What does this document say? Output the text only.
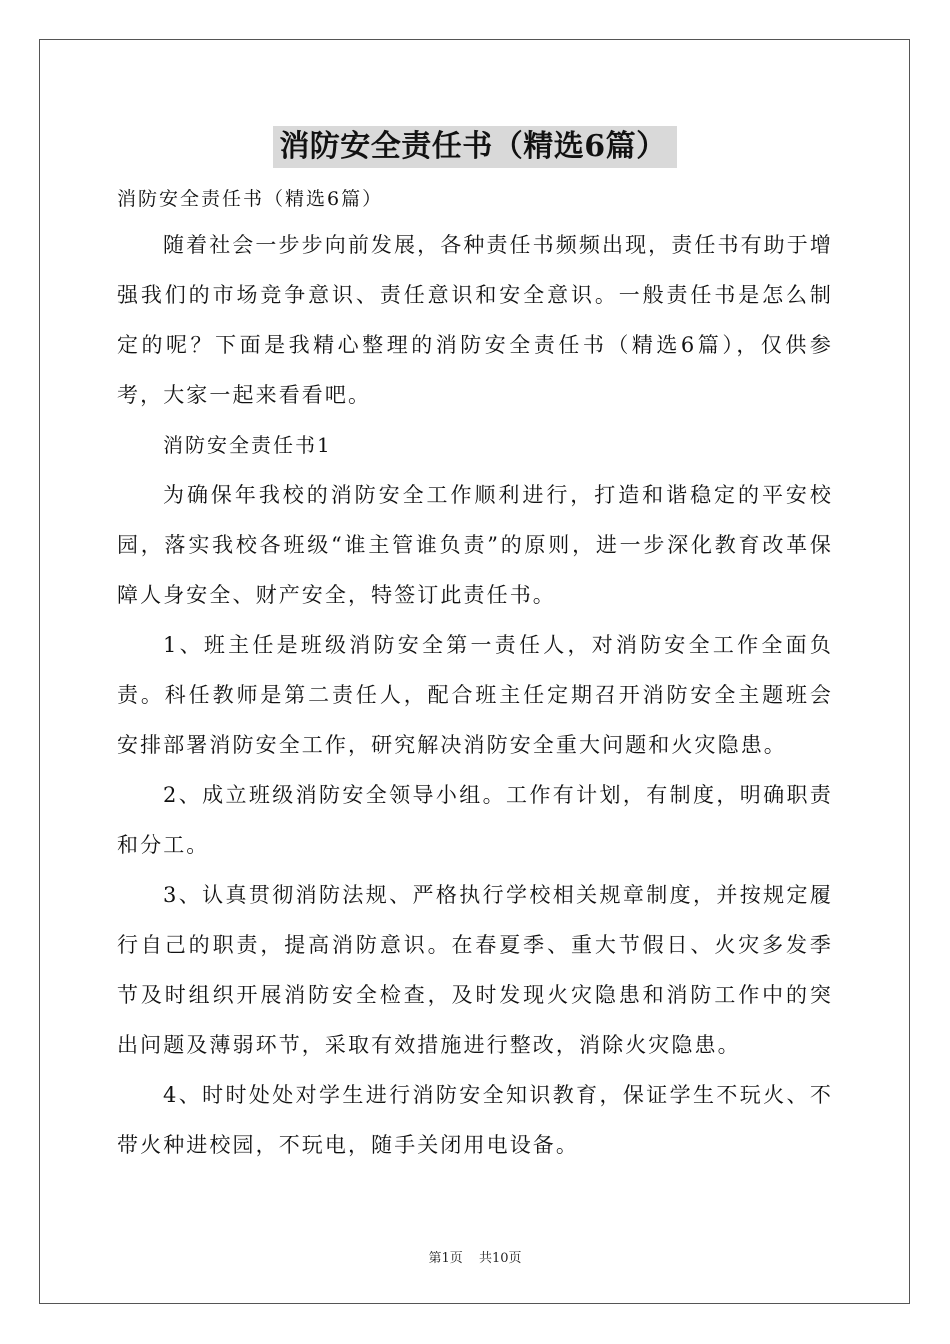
消防安全责任书（精选6篇）

消防安全责任书（精选6篇）

随着社会一步步向前发展，各种责任书频频出现，责任书有助于增强我们的市场竞争意识、责任意识和安全意识。一般责任书是怎么制定的呢？下面是我精心整理的消防安全责任书（精选6篇），仅供参考，大家一起来看看吧。

消防安全责任书1

为确保年我校的消防安全工作顺利进行，打造和谐稳定的平安校园，落实我校各班级“谁主管谁负责”的原则，进一步深化教育改革保障人身安全、财产安全，特签订此责任书。

1、班主任是班级消防安全第一责任人，对消防安全工作全面负责。科任教师是第二责任人，配合班主任定期召开消防安全主题班会安排部署消防安全工作，研究解决消防安全重大问题和火灾隐患。

2、成立班级消防安全领导小组。工作有计划，有制度，明确职责和分工。

3、认真贯彻消防法规、严格执行学校相关规章制度，并按规定履行自己的职责，提高消防意识。在春夏季、重大节假日、火灾多发季节及时组织开展消防安全检查，及时发现火灾隐患和消防工作中的突出问题及薄弱环节，采取有效措施进行整改，消除火灾隐患。

4、时时处处对学生进行消防安全知识教育，保证学生不玩火、不带火种进校园，不玩电，随手关闭用电设备。

第1页 共10页
